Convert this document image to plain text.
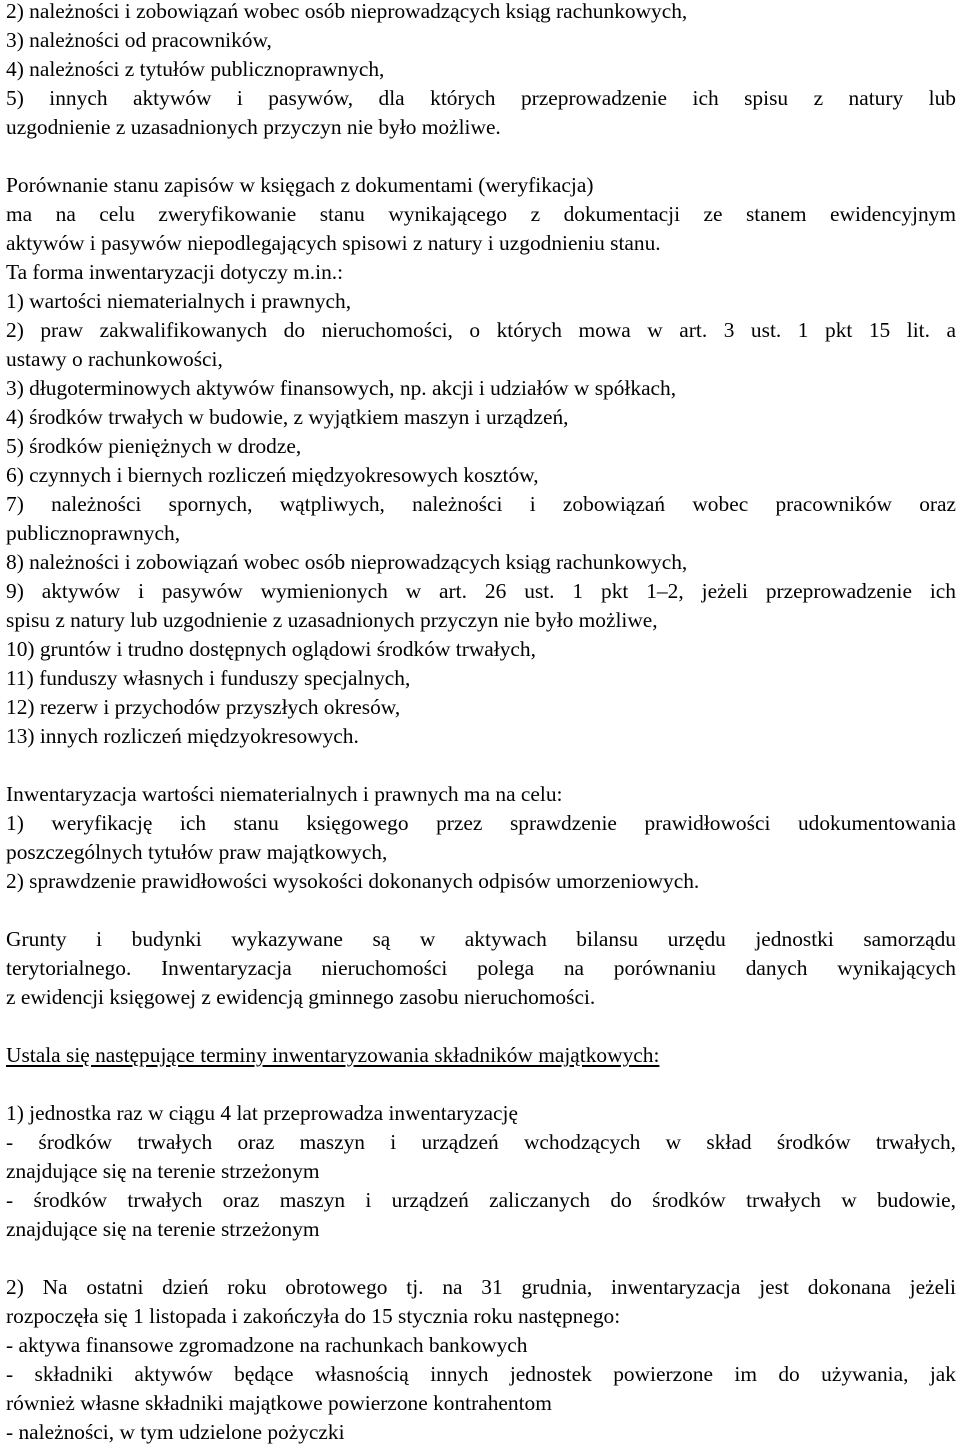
2) należności i zobowiązań wobec osób nieprowadzących ksiąg rachunkowych,
3) należności od pracowników,
4) należności z tytułów publicznoprawnych,
5) innych aktywów i pasywów, dla których przeprowadzenie ich spisu z natury lub
uzgodnienie z uzasadnionych przyczyn nie było możliwe.
Porównanie stanu zapisów w księgach z dokumentami (weryfikacja)
ma na celu zweryfikowanie stanu wynikającego z dokumentacji ze stanem ewidencyjnym
aktywów i pasywów niepodlegających spisowi z natury i uzgodnieniu stanu.
Ta forma inwentaryzacji dotyczy m.in.:
1) wartości niematerialnych i prawnych,
2) praw zakwalifikowanych do nieruchomości, o których mowa w art. 3 ust. 1 pkt 15 lit. a
ustawy o rachunkowości,
3) długoterminowych aktywów finansowych, np. akcji i udziałów w spółkach,
4) środków trwałych w budowie, z wyjątkiem maszyn i urządzeń,
5) środków pieniężnych w drodze,
6) czynnych i biernych rozliczeń międzyokresowych kosztów,
7) należności spornych, wątpliwych, należności i zobowiązań wobec pracowników oraz
publicznoprawnych,
8) należności i zobowiązań wobec osób nieprowadzących ksiąg rachunkowych,
9) aktywów i pasywów wymienionych w art. 26 ust. 1 pkt 1–2, jeżeli przeprowadzenie ich
spisu z natury lub uzgodnienie z uzasadnionych przyczyn nie było możliwe,
10) gruntów i trudno dostępnych oglądowi środków trwałych,
11) funduszy własnych i funduszy specjalnych,
12) rezerw i przychodów przyszłych okresów,
13) innych rozliczeń międzyokresowych.
Inwentaryzacja wartości niematerialnych i prawnych ma na celu:
1) weryfikację ich stanu księgowego przez sprawdzenie prawidłowości udokumentowania
poszczególnych tytułów praw majątkowych,
2) sprawdzenie prawidłowości wysokości dokonanych odpisów umorzeniowych.
Grunty i budynki wykazywane są w aktywach bilansu urzędu jednostki samorządu
terytorialnego. Inwentaryzacja nieruchomości polega na porównaniu danych wynikających
z ewidencji księgowej z ewidencją gminnego zasobu nieruchomości.
Ustala się następujące terminy inwentaryzowania składników majątkowych:
1) jednostka raz w ciągu 4 lat przeprowadza inwentaryzację
- środków trwałych oraz maszyn i urządzeń wchodzących w skład środków trwałych,
znajdujące się na terenie strzeżonym
- środków trwałych oraz maszyn i urządzeń zaliczanych do środków trwałych w budowie,
znajdujące się na terenie strzeżonym
2) Na ostatni dzień roku obrotowego tj. na 31 grudnia, inwentaryzacja jest dokonana jeżeli
rozpoczęła się 1 listopada i zakończyła do 15 stycznia roku następnego:
- aktywa finansowe zgromadzone na rachunkach bankowych
- składniki aktywów będące własnością innych jednostek powierzone im do używania, jak
również własne składniki majątkowe powierzone kontrahentom
- należności, w tym udzielone pożyczki
